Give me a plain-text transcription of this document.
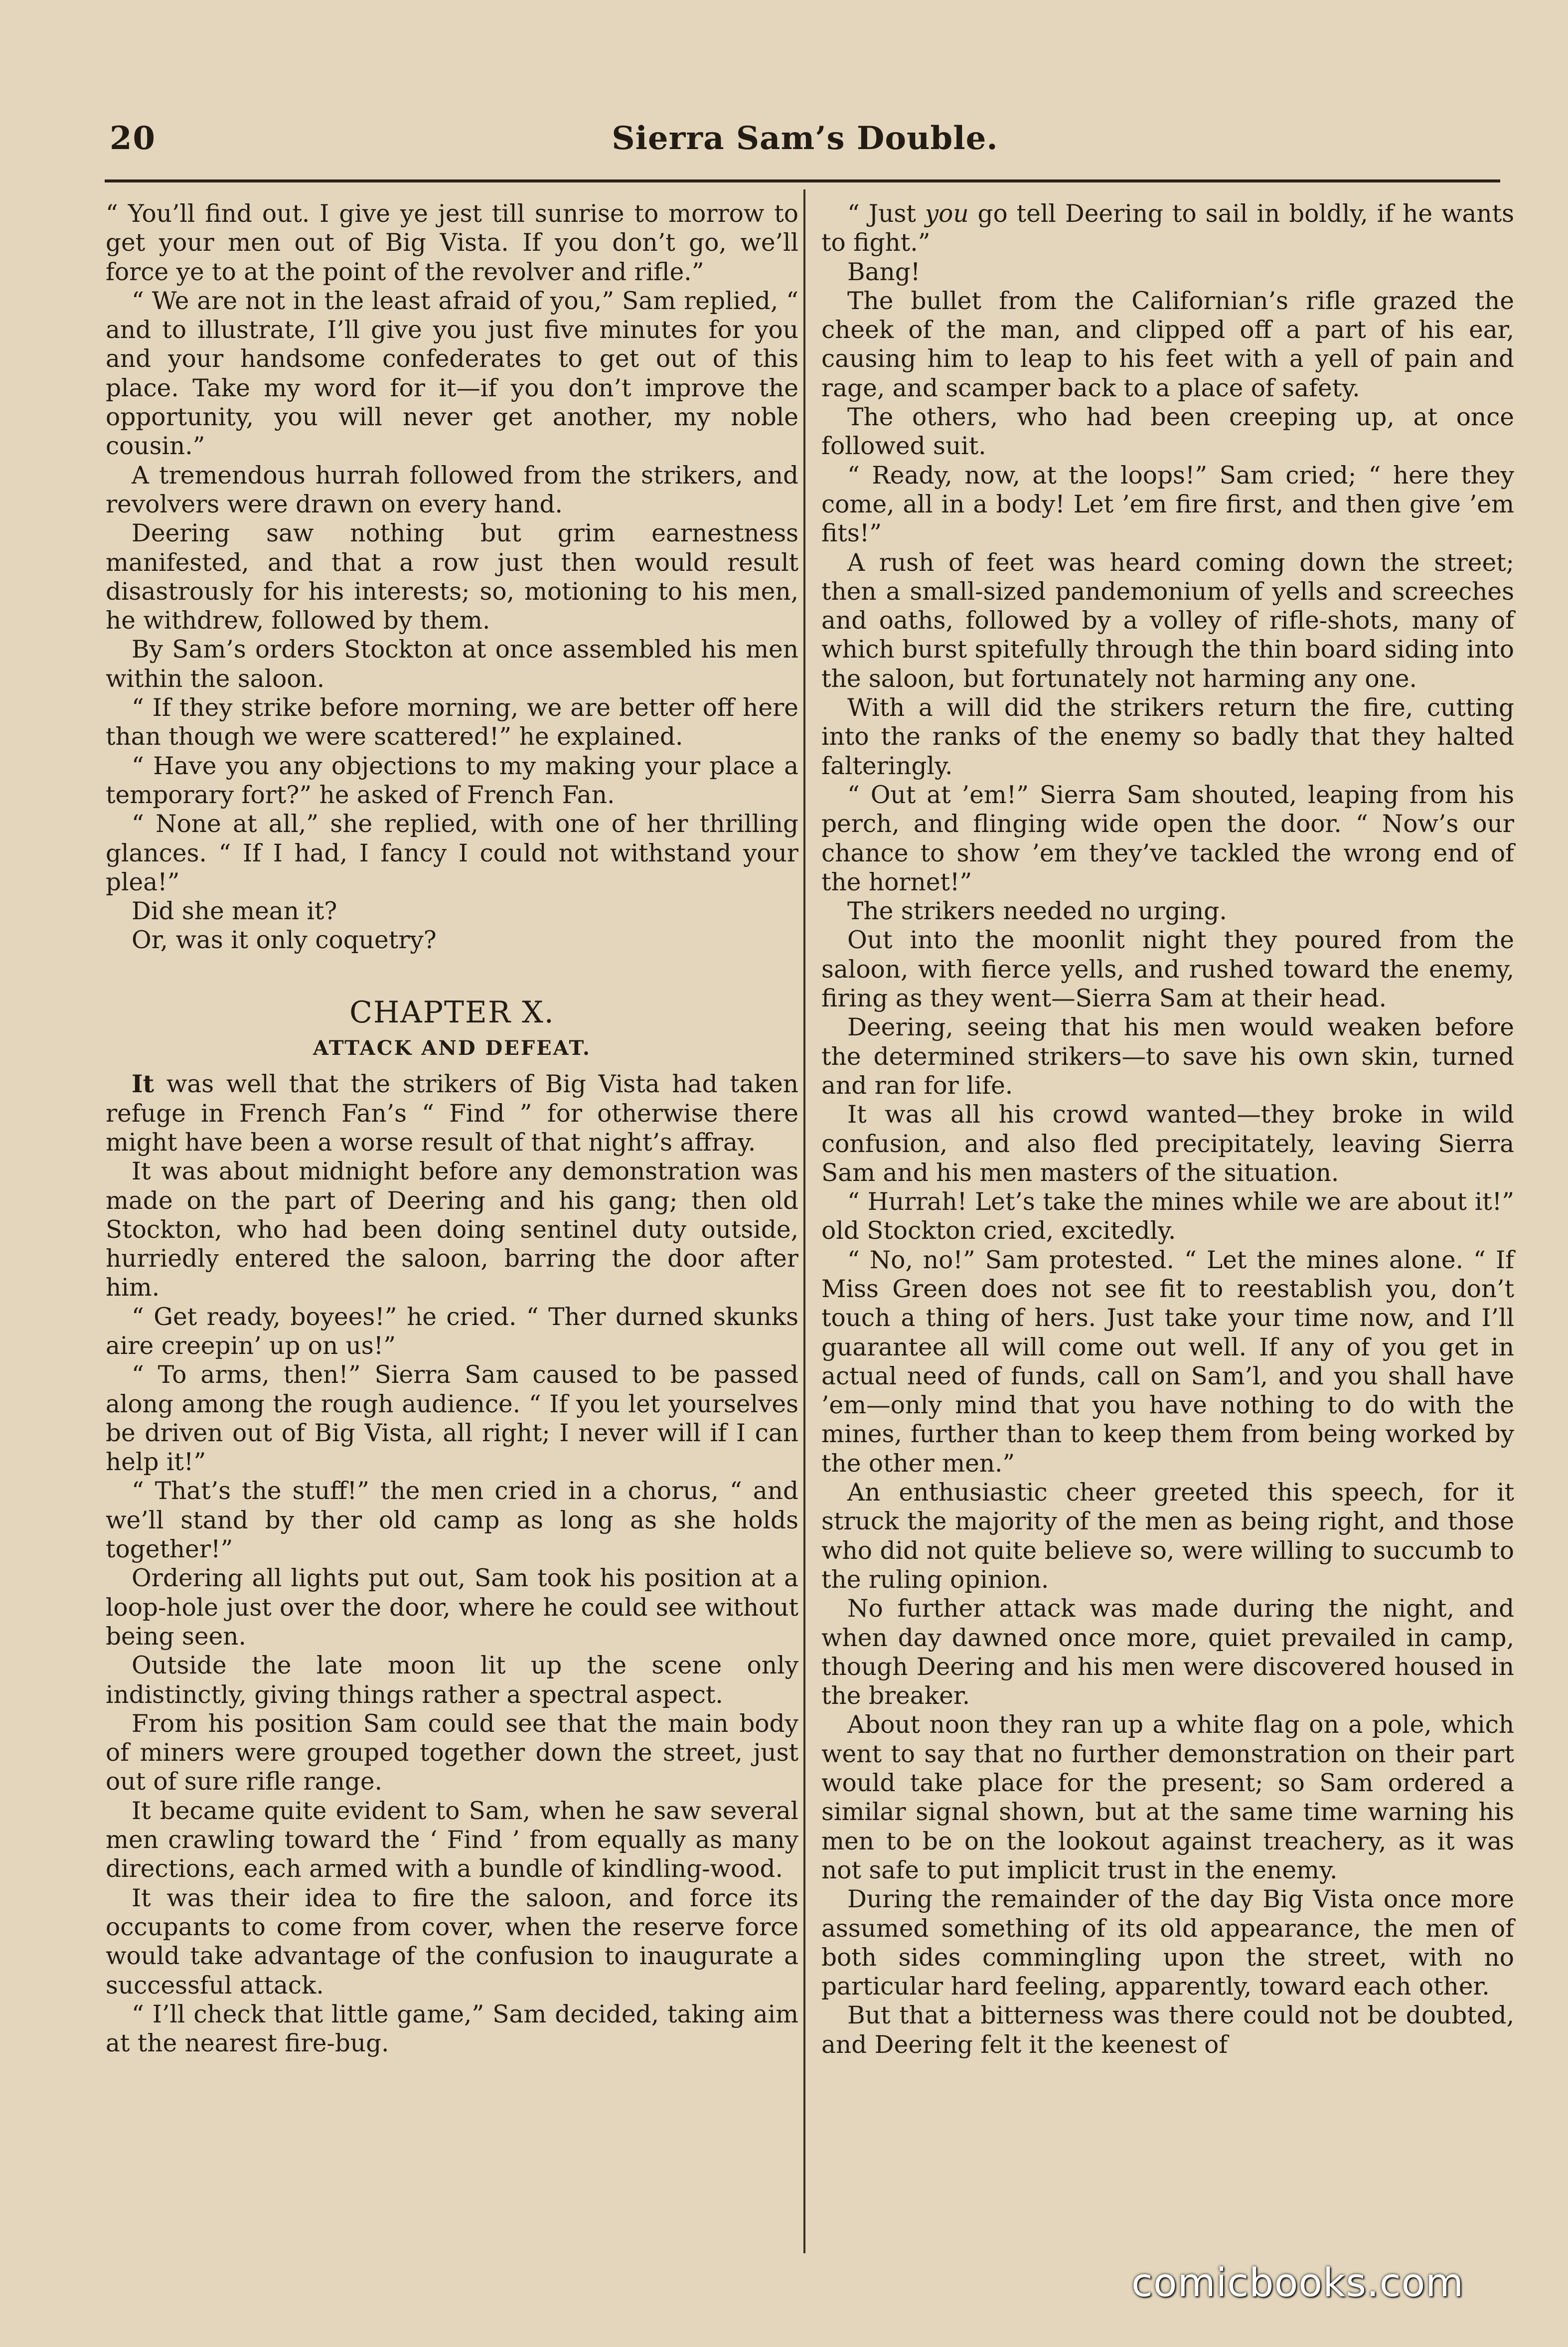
20	Sierra Sam’s Double.

“ You’ll find out. I give ye jest till sunrise to morrow to get your men out of Big Vista. If you don’t go, we’ll force ye to at the point of the revolver and rifle.”

“ We are not in the least afraid of you,” Sam replied, “ and to illustrate, I’ll give you just five minutes for you and your handsome confederates to get out of this place. Take my word for it—if you don’t improve the opportunity, you will never get another, my noble cousin.”

A tremendous hurrah followed from the strikers, and revolvers were drawn on every hand.

Deering saw nothing but grim earnestness manifested, and that a row just then would result disastrously for his interests; so, motioning to his men, he withdrew, followed by them.

By Sam’s orders Stockton at once assembled his men within the saloon.

“ If they strike before morning, we are better off here than though we were scattered!” he explained.

“ Have you any objections to my making your place a temporary fort?” he asked of French Fan.

“ None at all,” she replied, with one of her thrilling glances. “ If I had, I fancy I could not withstand your plea!”

Did she mean it?

Or, was it only coquetry?

CHAPTER X.
ATTACK AND DEFEAT.

It was well that the strikers of Big Vista had taken refuge in French Fan’s “ Find ” for otherwise there might have been a worse result of that night’s affray.

It was about midnight before any demonstration was made on the part of Deering and his gang; then old Stockton, who had been doing sentinel duty outside, hurriedly entered the saloon, barring the door after him.

“ Get ready, boyees!” he cried. “ Ther durned skunks aire creepin’ up on us!”

“ To arms, then!” Sierra Sam caused to be passed along among the rough audience. “ If you let yourselves be driven out of Big Vista, all right; I never will if I can help it!”

“ That’s the stuff!” the men cried in a chorus, “ and we’ll stand by ther old camp as long as she holds together!”

Ordering all lights put out, Sam took his position at a loop-hole just over the door, where he could see without being seen.

Outside the late moon lit up the scene only indistinctly, giving things rather a spectral aspect.

From his position Sam could see that the main body of miners were grouped together down the street, just out of sure rifle range.

It became quite evident to Sam, when he saw several men crawling toward the ‘ Find ’ from equally as many directions, each armed with a bundle of kindling-wood.

It was their idea to fire the saloon, and force its occupants to come from cover, when the reserve force would take advantage of the confusion to inaugurate a successful attack.

“ I’ll check that little game,” Sam decided, taking aim at the nearest fire-bug.

“ Just you go tell Deering to sail in boldly, if he wants to fight.”

Bang!

The bullet from the Californian’s rifle grazed the cheek of the man, and clipped off a part of his ear, causing him to leap to his feet with a yell of pain and rage, and scamper back to a place of safety.

The others, who had been creeping up, at once followed suit.

“ Ready, now, at the loops!” Sam cried; “ here they come, all in a body! Let ’em fire first, and then give ’em fits!”

A rush of feet was heard coming down the street; then a small-sized pandemonium of yells and screeches and oaths, followed by a volley of rifle-shots, many of which burst spitefully through the thin board siding into the saloon, but fortunately not harming any one.

With a will did the strikers return the fire, cutting into the ranks of the enemy so badly that they halted falteringly.

“ Out at ’em!” Sierra Sam shouted, leaping from his perch, and flinging wide open the door. “ Now’s our chance to show ’em they’ve tackled the wrong end of the hornet!”

The strikers needed no urging.

Out into the moonlit night they poured from the saloon, with fierce yells, and rushed toward the enemy, firing as they went—Sierra Sam at their head.

Deering, seeing that his men would weaken before the determined strikers—to save his own skin, turned and ran for life.

It was all his crowd wanted—they broke in wild confusion, and also fled precipitately, leaving Sierra Sam and his men masters of the situation.

“ Hurrah! Let’s take the mines while we are about it!” old Stockton cried, excitedly.

“ No, no!” Sam protested. “ Let the mines alone. “ If Miss Green does not see fit to reestablish you, don’t touch a thing of hers. Just take your time now, and I’ll guarantee all will come out well. If any of you get in actual need of funds, call on Sam’l, and you shall have ’em—only mind that you have nothing to do with the mines, further than to keep them from being worked by the other men.”

An enthusiastic cheer greeted this speech, for it struck the majority of the men as being right, and those who did not quite believe so, were willing to succumb to the ruling opinion.

No further attack was made during the night, and when day dawned once more, quiet prevailed in camp, though Deering and his men were discovered housed in the breaker.

About noon they ran up a white flag on a pole, which went to say that no further demonstration on their part would take place for the present; so Sam ordered a similar signal shown, but at the same time warning his men to be on the lookout against treachery, as it was not safe to put implicit trust in the enemy.

During the remainder of the day Big Vista once more assumed something of its old appearance, the men of both sides commingling upon the street, with no particular hard feeling, apparently, toward each other.

But that a bitterness was there could not be doubted, and Deering felt it the keenest of

comicbooks.com
